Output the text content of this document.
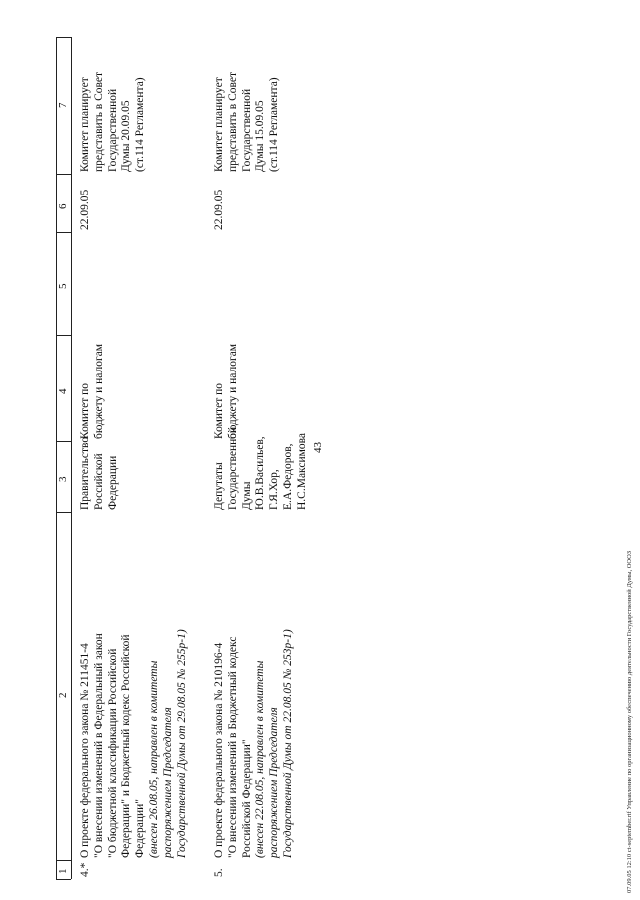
43
1
2
3
4
5
6
7
4.*
О проекте федерального закона № 211451-4 "О внесении изменений в Федеральный закон "О бюджетной классификации Российской Федерации" и Бюджетный кодекс Российской Федерации" (внесен 26.08.05, направлен в комитеты распоряжением Председателя Государственной Думы от 29.08.05 № 255р-1)
Правительство Российской Федерации
Комитет по бюджету и налогам
22.09.05
Комитет планирует представить в Совет Государственной Думы 20.09.05 (ст.114 Регламента)
5.
О проекте федерального закона № 210196-4 "О внесении изменений в Бюджетный кодекс Российской Федерации" (внесен 22.08.05, направлен в комитеты распоряжением Председателя Государственной Думы от 22.08.05 № 253р-1)
Депутаты Государственной Думы Ю.В.Васильев, Г.Я.Хор, Е.А.Федоров, Н.С.Максимова
Комитет по бюджету и налогам
22.09.05
Комитет планирует представить в Совет Государственной Думы 15.09.05 (ст.114 Регламента)
07.09.05 12:10 ct-september.rtf Управление по организационному обеспечению деятельности Государственной Думы, ОООЗ
